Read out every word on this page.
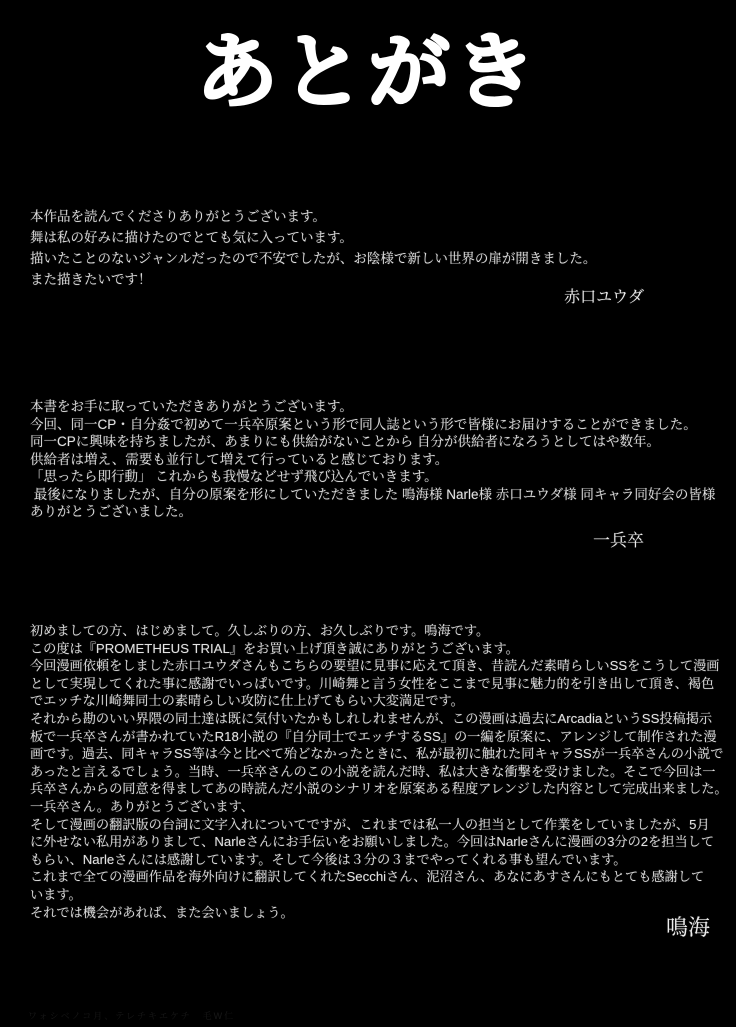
あとがき
本作品を読んでくださりありがとうございます。
舞は私の好みに描けたのでとても気に入っています。
描いたことのないジャンルだったので不安でしたが、お陰様で新しい世界の扉が開きました。
また描きたいです！
赤口ユウダ
本書をお手に取っていただきありがとうございます。
今回、同一CP・自分姦で初めて一兵卒原案という形で同人誌という形で皆様にお届けすることができました。
同一CPに興味を持ちましたが、あまりにも供給がないことから 自分が供給者になろうとしてはや数年。
供給者は増え、需要も並行して増えて行っていると感じております。
「思ったら即行動」 これからも我慢などせず飛び込んでいきます。
最後になりましたが、自分の原案を形にしていただきました 鳴海様 Narle様 赤口ユウダ様 同キャラ同好会の皆様
ありがとうございました。
一兵卒
初めましての方、はじめまして。久しぶりの方、お久しぶりです。鳴海です。
この度は『PROMETHEUS TRIAL』をお買い上げ頂き誠にありがとうございます。
今回漫画依頼をしました赤口ユウダさんもこちらの要望に見事に応えて頂き、昔読んだ素晴らしいSSをこうして漫画
として実現してくれた事に感謝でいっぱいです。川崎舞と言う女性をここまで見事に魅力的を引き出して頂き、褐色
でエッチな川崎舞同士の素晴らしい攻防に仕上げてもらい大変満足です。
それから勘のいい界隈の同士達は既に気付いたかもしれしれませんが、この漫画は過去にArcadiaというSS投稿掲示
板で一兵卒さんが書かれていたR18小説の『自分同士でエッチするSS』の一編を原案に、アレンジして制作された漫
画です。過去、同キャラSS等は今と比べて殆どなかったときに、私が最初に触れた同キャラSSが一兵卒さんの小説で
あったと言えるでしょう。当時、一兵卒さんのこの小説を読んだ時、私は大きな衝撃を受けました。そこで今回は一
兵卒さんからの同意を得ましてあの時読んだ小説のシナリオを原案ある程度アレンジした内容として完成出来ました。
一兵卒さん。ありがとうございます、
そして漫画の翻訳版の台詞に文字入れについてですが、これまでは私一人の担当として作業をしていましたが、5月
に外せない私用がありまして、Narleさんにお手伝いをお願いしました。今回はNarleさんに漫画の3分の2を担当して
もらい、Narleさんには感謝しています。そして今後は３分の３までやってくれる事も望んでいます。
これまで全ての漫画作品を海外向けに翻訳してくれたSecchiさん、泥沼さん、あなにあすさんにもとても感謝して
います。
それでは機会があれば、また会いましょう。
鳴海
ワォシベノコ月、テレチキエケチ　毛W仁
